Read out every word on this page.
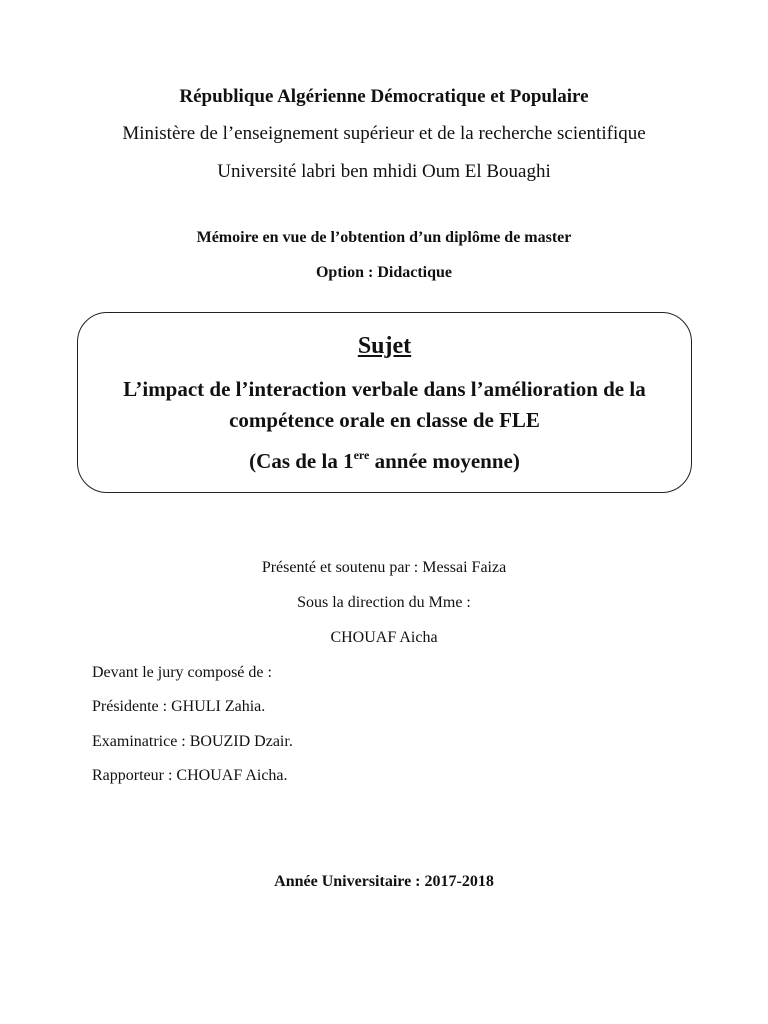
République Algérienne Démocratique et Populaire
Ministère de l’enseignement supérieur et de la recherche scientifique
Université labri ben mhidi Oum El Bouaghi
Mémoire en vue de l’obtention d’un diplôme de master
Option : Didactique
Sujet
L’impact de l’interaction verbale dans l’amélioration de la
compétence orale en classe de FLE
(Cas de la 1ere année moyenne)
Présenté et soutenu par : Messai Faiza
Sous la direction du Mme :
CHOUAF Aicha
Devant le jury composé de :
Présidente : GHULI Zahia.
Examinatrice : BOUZID Dzair.
Rapporteur : CHOUAF Aicha.
Année Universitaire : 2017-2018
